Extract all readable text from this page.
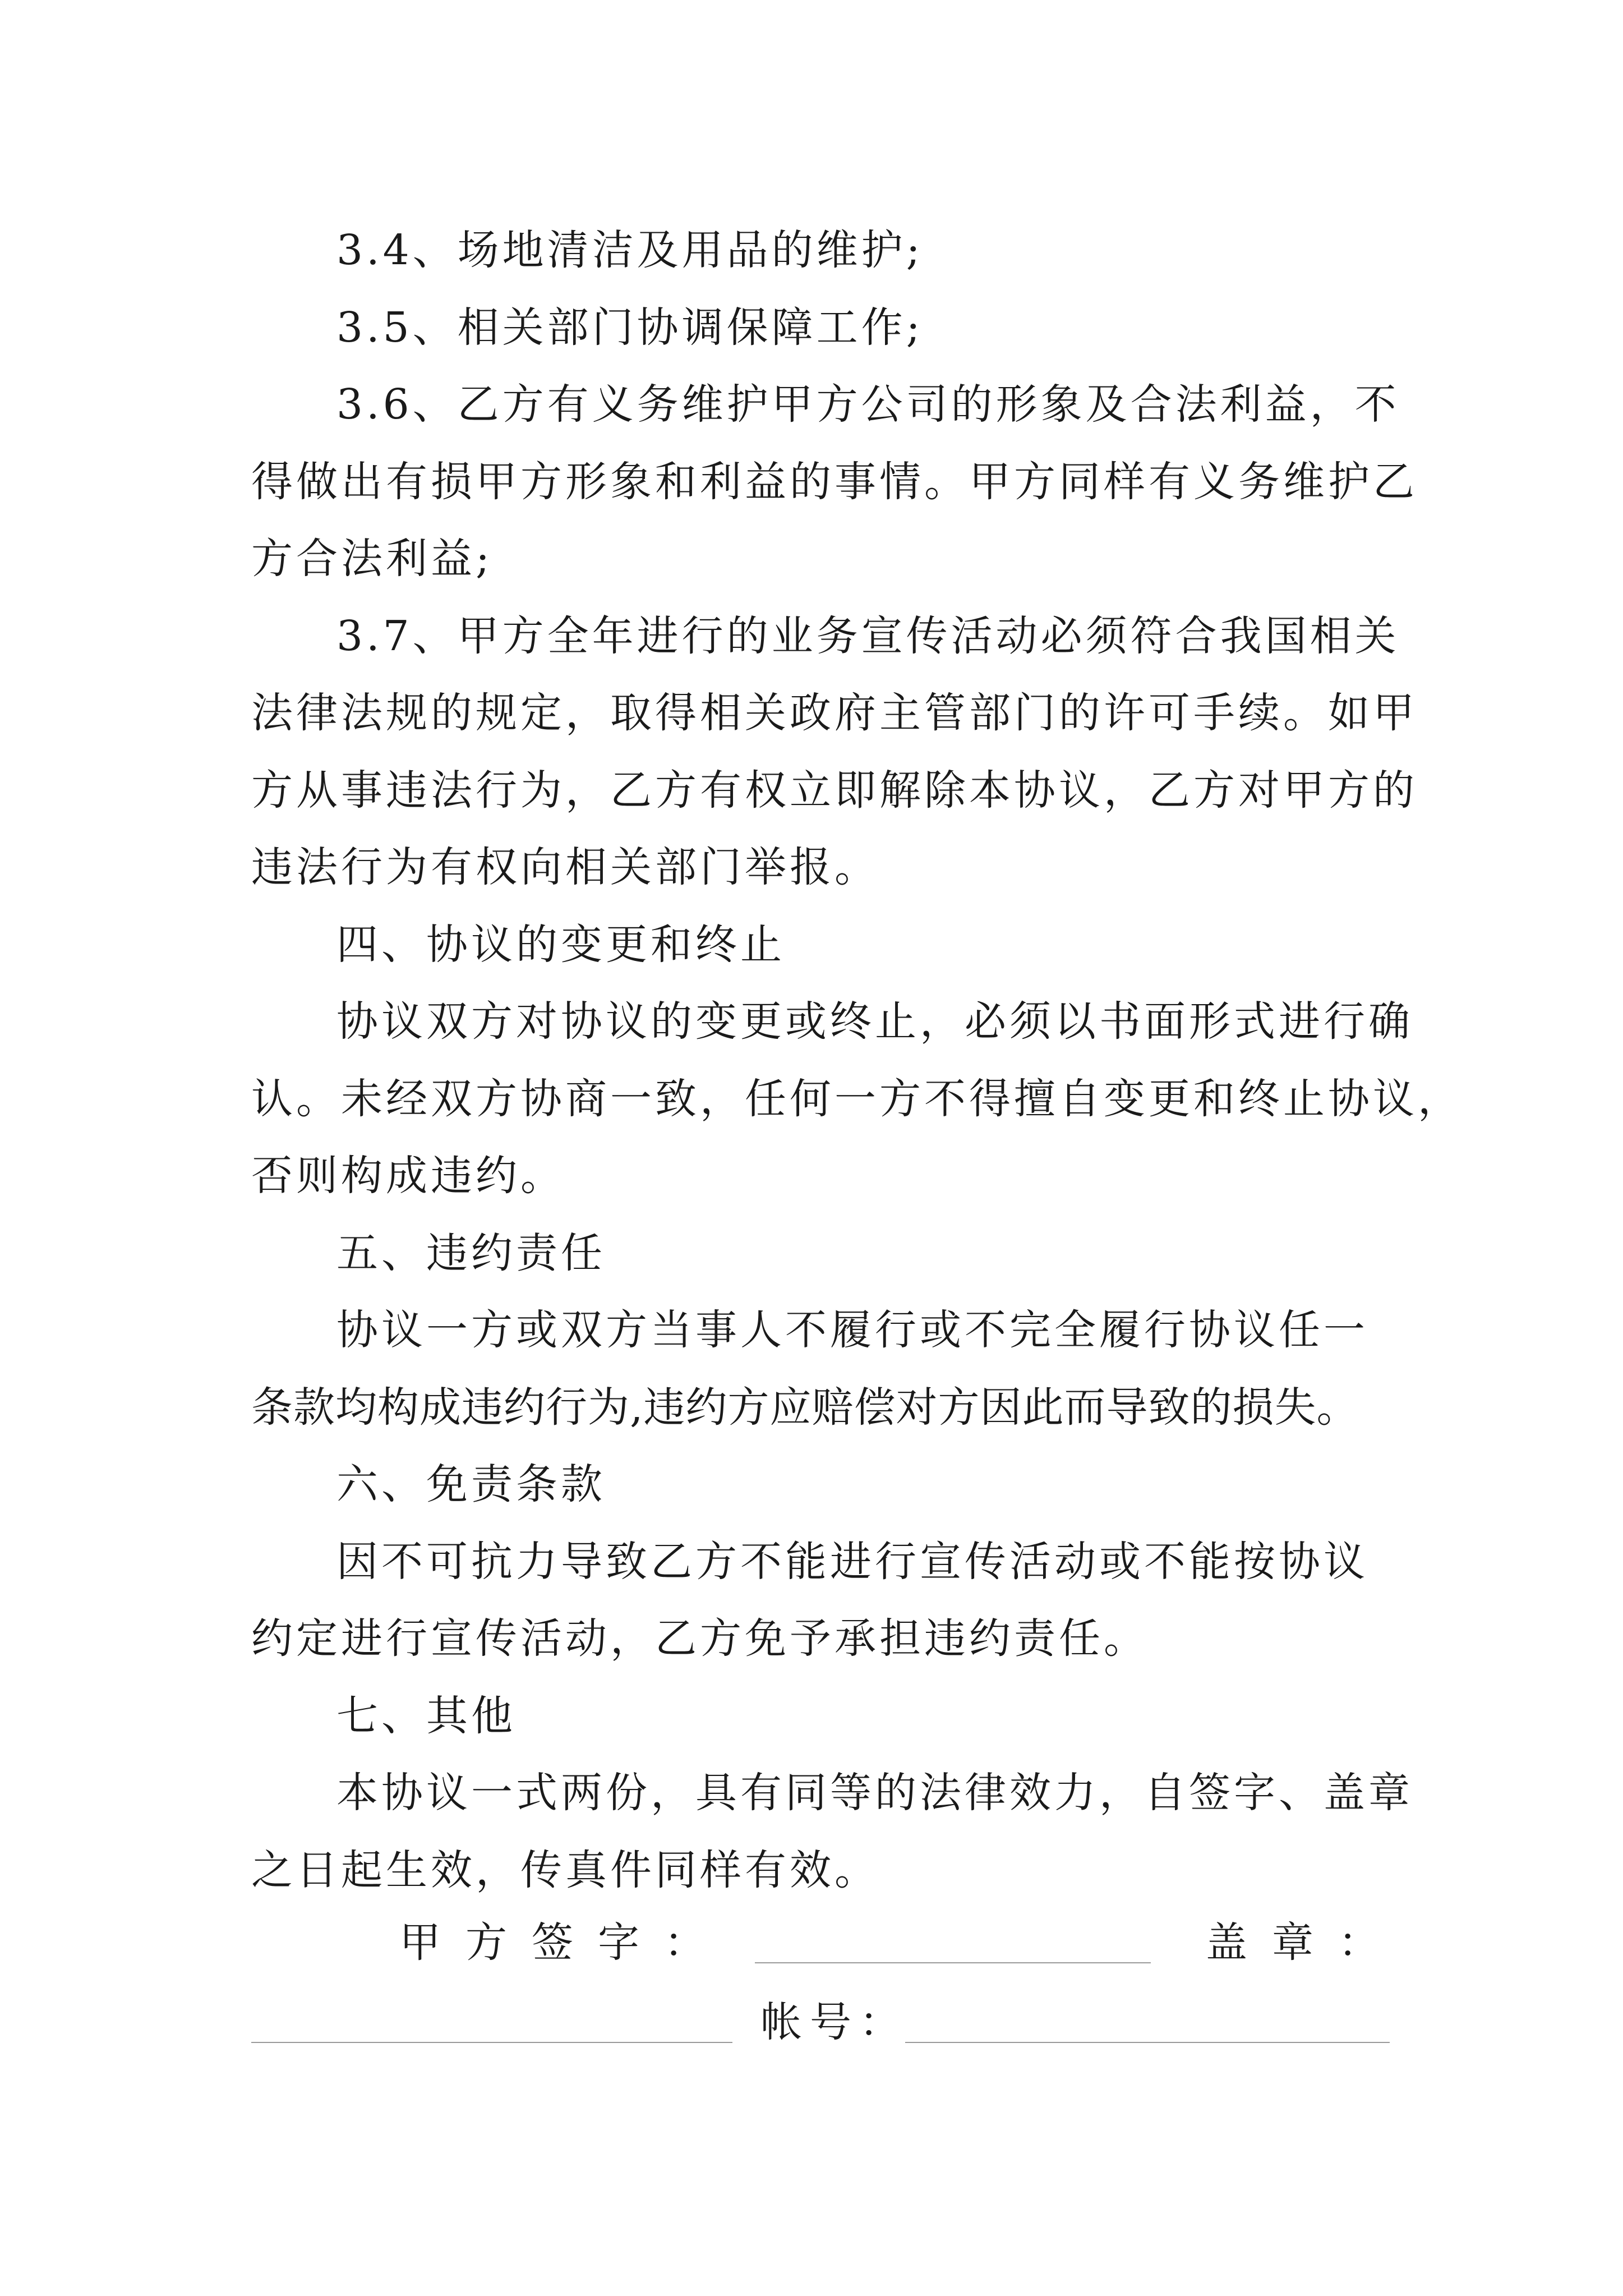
3.4、场地清洁及用品的维护;
3.5、相关部门协调保障工作;
3.6、乙方有义务维护甲方公司的形象及合法利益，不
得做出有损甲方形象和利益的事情。甲方同样有义务维护乙
方合法利益;
3.7、甲方全年进行的业务宣传活动必须符合我国相关
法律法规的规定，取得相关政府主管部门的许可手续。如甲
方从事违法行为，乙方有权立即解除本协议，乙方对甲方的
违法行为有权向相关部门举报。
四、协议的变更和终止
协议双方对协议的变更或终止，必须以书面形式进行确
认。未经双方协商一致，任何一方不得擅自变更和终止协议，
否则构成违约。
五、违约责任
协议一方或双方当事人不履行或不完全履行协议任一
条款均构成违约行为,违约方应赔偿对方因此而导致的损失。
六、免责条款
因不可抗力导致乙方不能进行宣传活动或不能按协议
约定进行宣传活动，乙方免予承担违约责任。
七、其他
本协议一式两份，具有同等的法律效力，自签字、盖章
之日起生效，传真件同样有效。

甲方签字：	盖章：
帐号：
